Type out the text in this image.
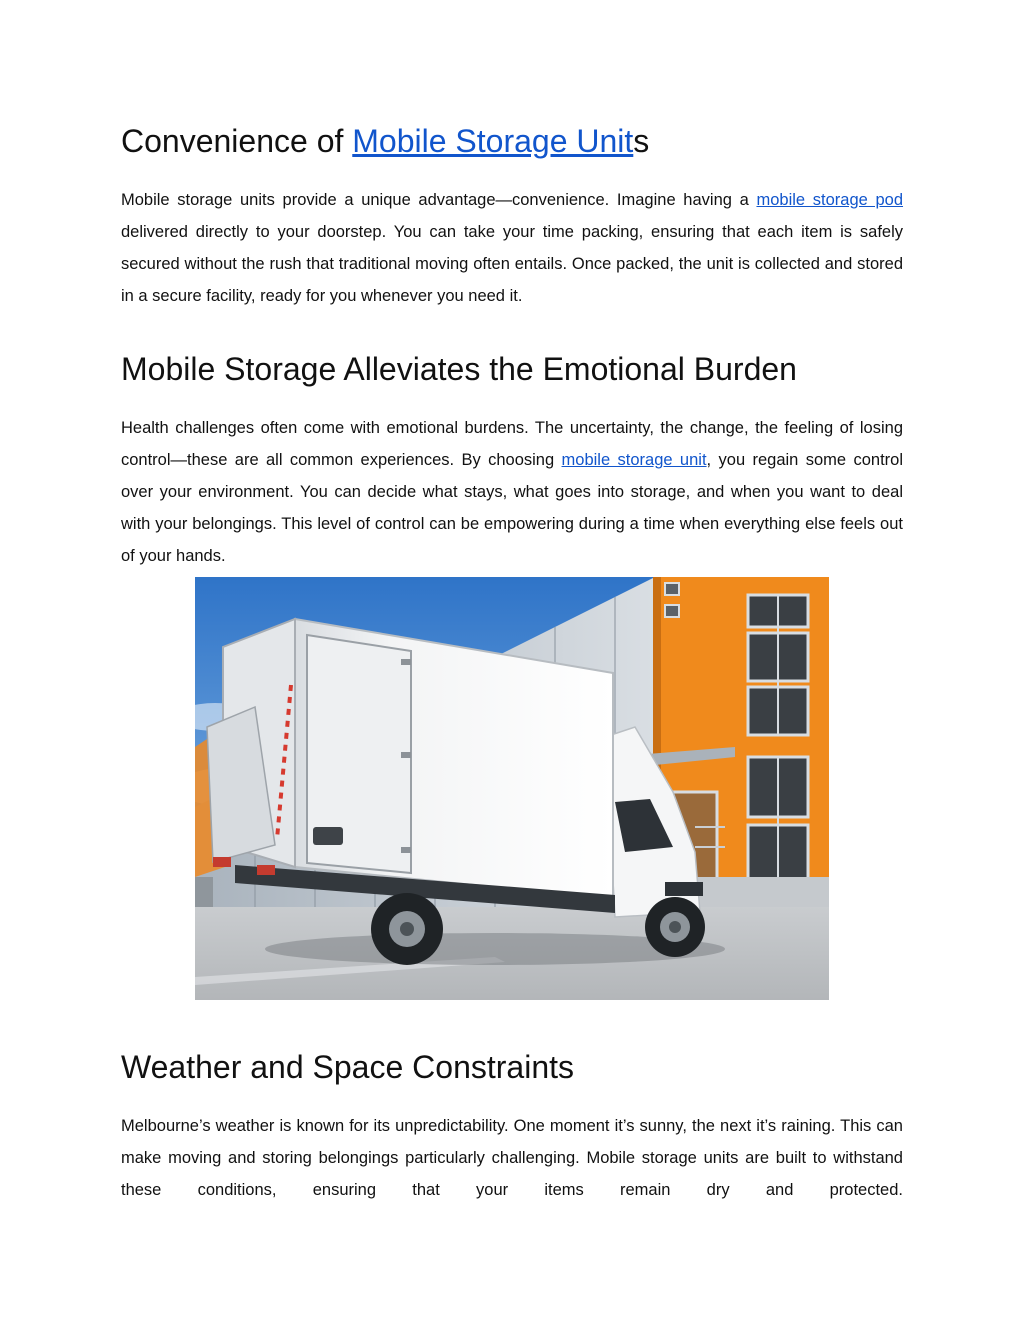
Convenience of Mobile Storage Units

Mobile storage units provide a unique advantage—convenience. Imagine having a mobile storage pod delivered directly to your doorstep. You can take your time packing, ensuring that each item is safely secured without the rush that traditional moving often entails. Once packed, the unit is collected and stored in a secure facility, ready for you whenever you need it.

Mobile Storage Alleviates the Emotional Burden

Health challenges often come with emotional burdens. The uncertainty, the change, the feeling of losing control—these are all common experiences. By choosing mobile storage unit, you regain some control over your environment. You can decide what stays, what goes into storage, and when you want to deal with your belongings. This level of control can be empowering during a time when everything else feels out of your hands.

Weather and Space Constraints

Melbourne’s weather is known for its unpredictability. One moment it’s sunny, the next it’s raining. This can make moving and storing belongings particularly challenging. Mobile storage units are built to withstand these conditions, ensuring that your items remain dry and protected.
